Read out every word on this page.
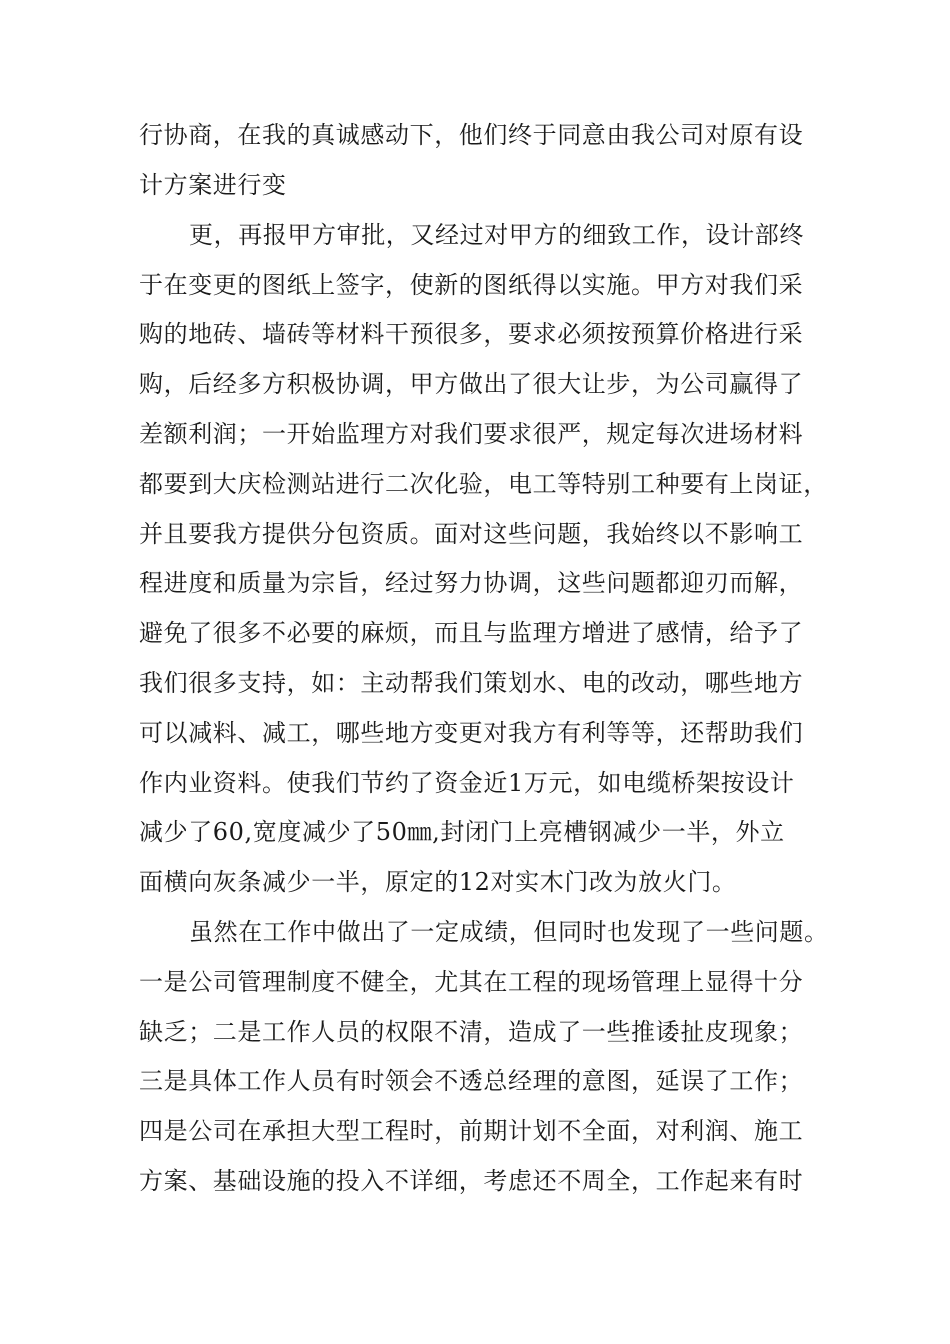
行协商，在我的真诚感动下，他们终于同意由我公司对原有设

计方案进行变

更，再报甲方审批，又经过对甲方的细致工作，设计部终

于在变更的图纸上签字，使新的图纸得以实施。甲方对我们采

购的地砖、墙砖等材料干预很多，要求必须按预算价格进行采

购，后经多方积极协调，甲方做出了很大让步，为公司赢得了

差额利润；一开始监理方对我们要求很严，规定每次进场材料

都要到大庆检测站进行二次化验，电工等特别工种要有上岗证，

并且要我方提供分包资质。面对这些问题，我始终以不影响工

程进度和质量为宗旨，经过努力协调，这些问题都迎刃而解，

避免了很多不必要的麻烦，而且与监理方增进了感情，给予了

我们很多支持，如：主动帮我们策划水、电的改动，哪些地方

可以减料、减工，哪些地方变更对我方有利等等，还帮助我们

作内业资料。使我们节约了资金近1万元，如电缆桥架按设计

减少了60,宽度减少了50㎜,封闭门上亮槽钢减少一半，外立

面横向灰条减少一半，原定的12对实木门改为放火门。

虽然在工作中做出了一定成绩，但同时也发现了一些问题。

一是公司管理制度不健全，尤其在工程的现场管理上显得十分

缺乏；二是工作人员的权限不清，造成了一些推诿扯皮现象；

三是具体工作人员有时领会不透总经理的意图，延误了工作；

四是公司在承担大型工程时，前期计划不全面，对利润、施工

方案、基础设施的投入不详细，考虑还不周全，工作起来有时
